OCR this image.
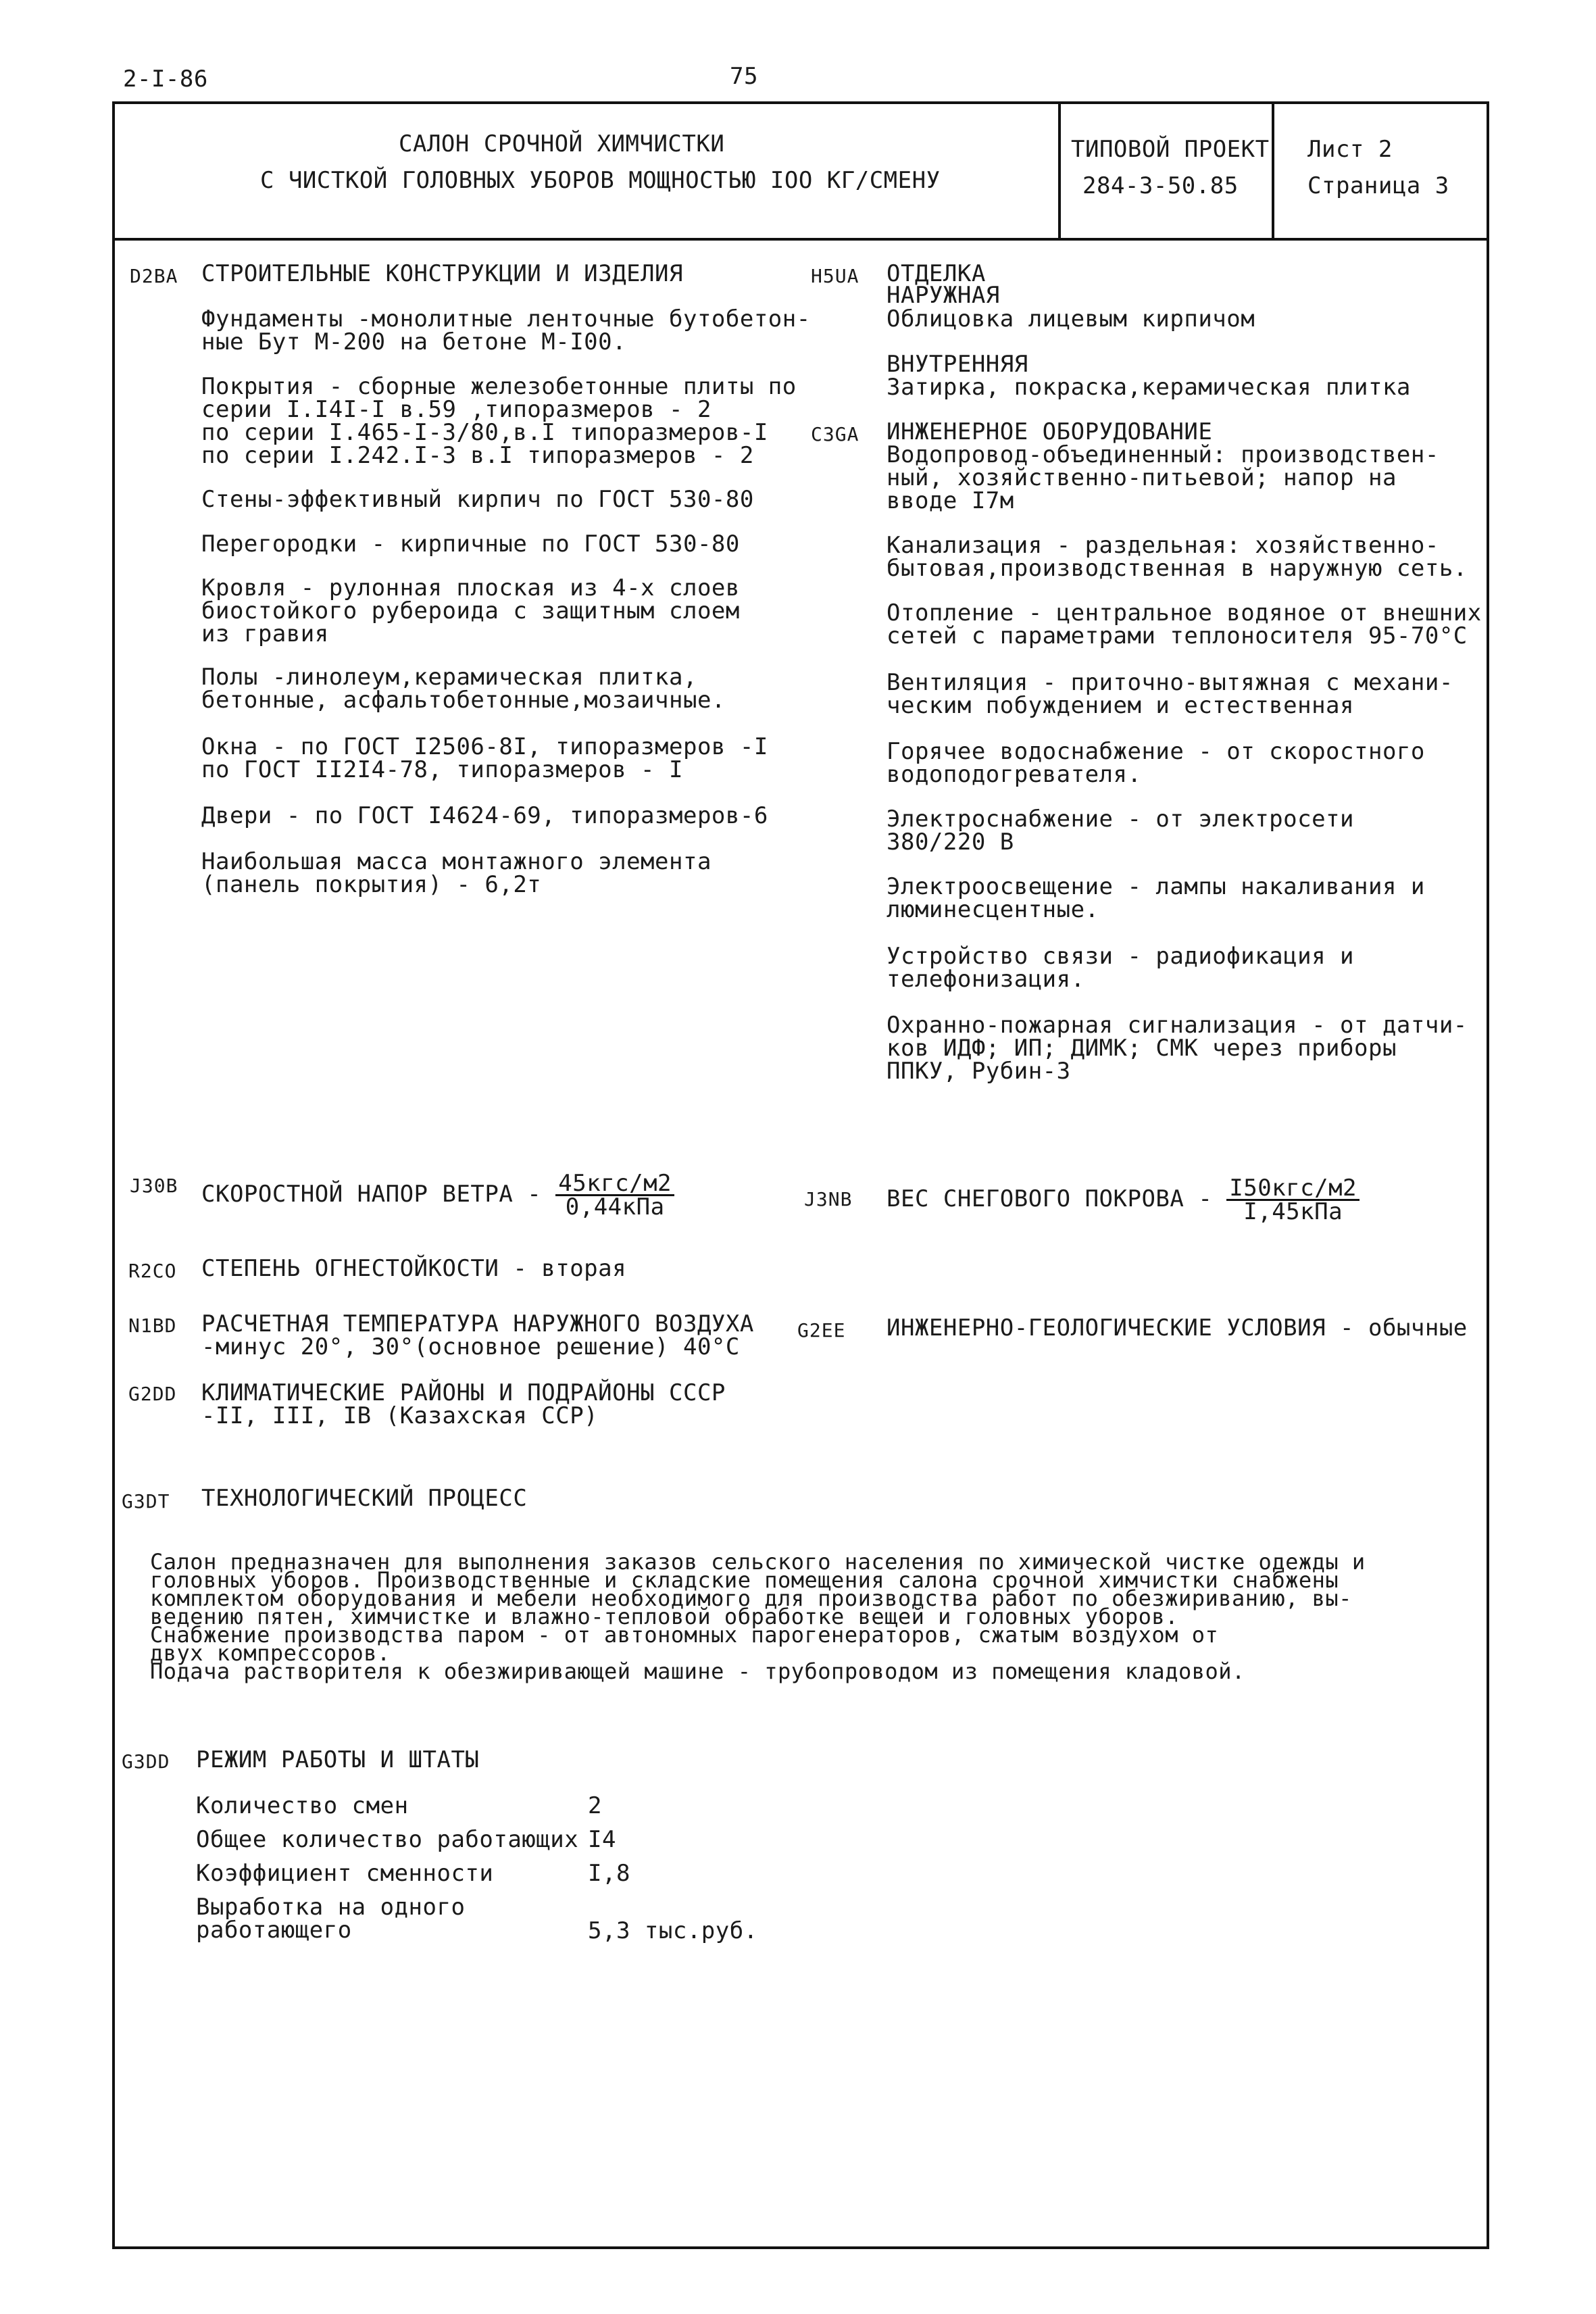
2-I-86	75
САЛОН СРОЧНОЙ ХИМЧИСТКИ
С ЧИСТКОЙ ГОЛОВНЫХ УБОРОВ МОЩНОСТЬЮ IOO КГ/СМЕНУ
ТИПОВОЙ ПРОЕКТ
284-3-50.85
Лист 2
Страница 3
D2BA СТРОИТЕЛЬНЫЕ КОНСТРУКЦИИ И ИЗДЕЛИЯ
Фундаменты -монолитные ленточные бутобетон-
ные Бут М-200 на бетоне М-I00.
Покрытия - сборные железобетонные плиты по
серии I.I4I-I в.59 ,типоразмеров - 2
по серии I.465-I-3/80,в.I типоразмеров-I
по серии I.242.I-3 в.I типоразмеров - 2
Стены-эффективный кирпич по ГОСТ 530-80
Перегородки - кирпичные по ГОСТ 530-80
Кровля - рулонная плоская из 4-х слоев
биостойкого рубероида с защитным слоем
из гравия
Полы -линолеум,керамическая плитка,
бетонные, асфальтобетонные,мозаичные.
Окна - по ГОСТ I2506-8I, типоразмеров -I
по ГОСТ II2I4-78, типоразмеров - I
Двери - по ГОСТ I4624-69, типоразмеров-6
Наибольшая масса монтажного элемента
(панель покрытия) - 6,2т
H5UA ОТДЕЛКА
НАРУЖНАЯ
Облицовка лицевым кирпичом
ВНУТРЕННЯЯ
Затирка, покраска,керамическая плитка
C3GA ИНЖЕНЕРНОЕ ОБОРУДОВАНИЕ
Водопровод-объединенный: производствен-
ный, хозяйственно-питьевой; напор на
вводе I7м
Канализация - раздельная: хозяйственно-
бытовая,производственная в наружную сеть.
Отопление - центральное водяное от внешних
сетей с параметрами теплоносителя 95-70°С
Вентиляция - приточно-вытяжная с механи-
ческим побуждением и естественная
Горячее водоснабжение - от скоростного
водоподогревателя.
Электроснабжение - от электросети
380/220 В
Электроосвещение - лампы накаливания и
люминесцентные.
Устройство связи - радиофикация и
телефонизация.
Охранно-пожарная сигнализация - от датчи-
ков ИДФ; ИП; ДИМК; СМК через приборы
ППКУ, Рубин-3
J30B СКОРОСТНОЙ НАПОР ВЕТРА - $\frac{\text{45кгс/м2}}{\text{0,44кПа}}$	J3NB ВЕС СНЕГОВОГО ПОКРОВА - $\frac{\text{I50кгс/м2}}{\text{I,45кПа}}$
R2CO СТЕПЕНЬ ОГНЕСТОЙКОСТИ - вторая
N1BD РАСЧЕТНАЯ ТЕМПЕРАТУРА НАРУЖНОГО ВОЗДУХА
-минус 20°, 30°(основное решение) 40°С
G2EE ИНЖЕНЕРНО-ГЕОЛОГИЧЕСКИЕ УСЛОВИЯ - обычные
G2DD КЛИМАТИЧЕСКИЕ РАЙОНЫ И ПОДРАЙОНЫ СССР
-II, III, IВ (Казахская ССР)
G3DT ТЕХНОЛОГИЧЕСКИЙ ПРОЦЕСС
Салон предназначен для выполнения заказов сельского населения по химической чистке одежды и
головных уборов. Производственные и складские помещения салона срочной химчистки снабжены
комплектом оборудования и мебели необходимого для производства работ по обезжириванию, вы-
ведению пятен, химчистке и влажно-тепловой обработке вещей и головных уборов.
Снабжение производства паром - от автономных парогенераторов, сжатым воздухом от
двух компрессоров.
Подача растворителя к обезжиривающей машине - трубопроводом из помещения кладовой.
G3DD РЕЖИМ РАБОТЫ И ШТАТЫ
Количество смен	2
Общее количество работающих I4
Коэффициент сменности	I,8
Выработка на одного
работающего	5,3 тыс.руб.
